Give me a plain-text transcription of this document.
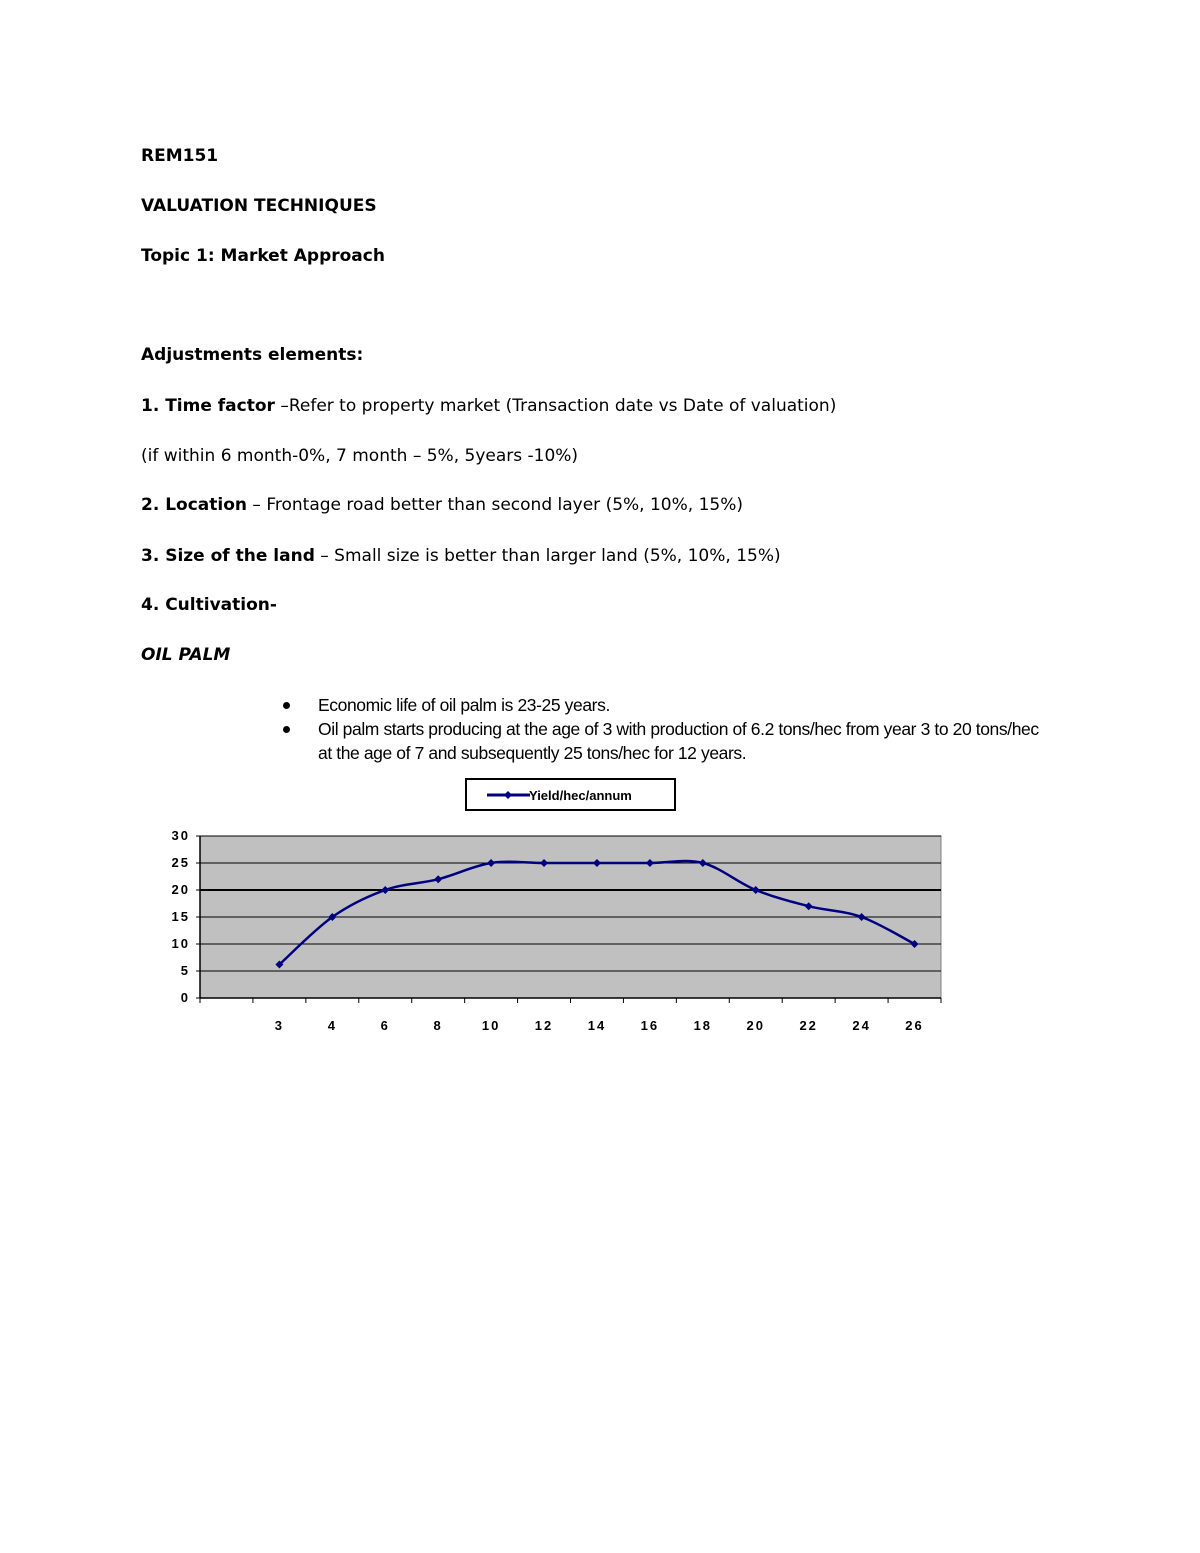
REM151
VALUATION TECHNIQUES
Topic 1: Market Approach
Adjustments elements:
1. Time factor –Refer to property market (Transaction date vs Date of valuation)
(if within 6 month-0%, 7 month – 5%, 5years -10%)
2. Location – Frontage road better than second layer (5%, 10%, 15%)
3. Size of the land – Small size is better than larger land (5%, 10%, 15%)
4. Cultivation-
OIL PALM
Economic life of oil palm is 23-25 years.
Oil palm starts producing at the age of 3 with production of 6.2 tons/hec from year 3 to 20 tons/hec at the age of 7 and subsequently 25 tons/hec for 12 years.
0
5
10
15
20
25
30
3	4	6	8	10	12	14	16	18	20	22	24	26
Yield/hec/annum
